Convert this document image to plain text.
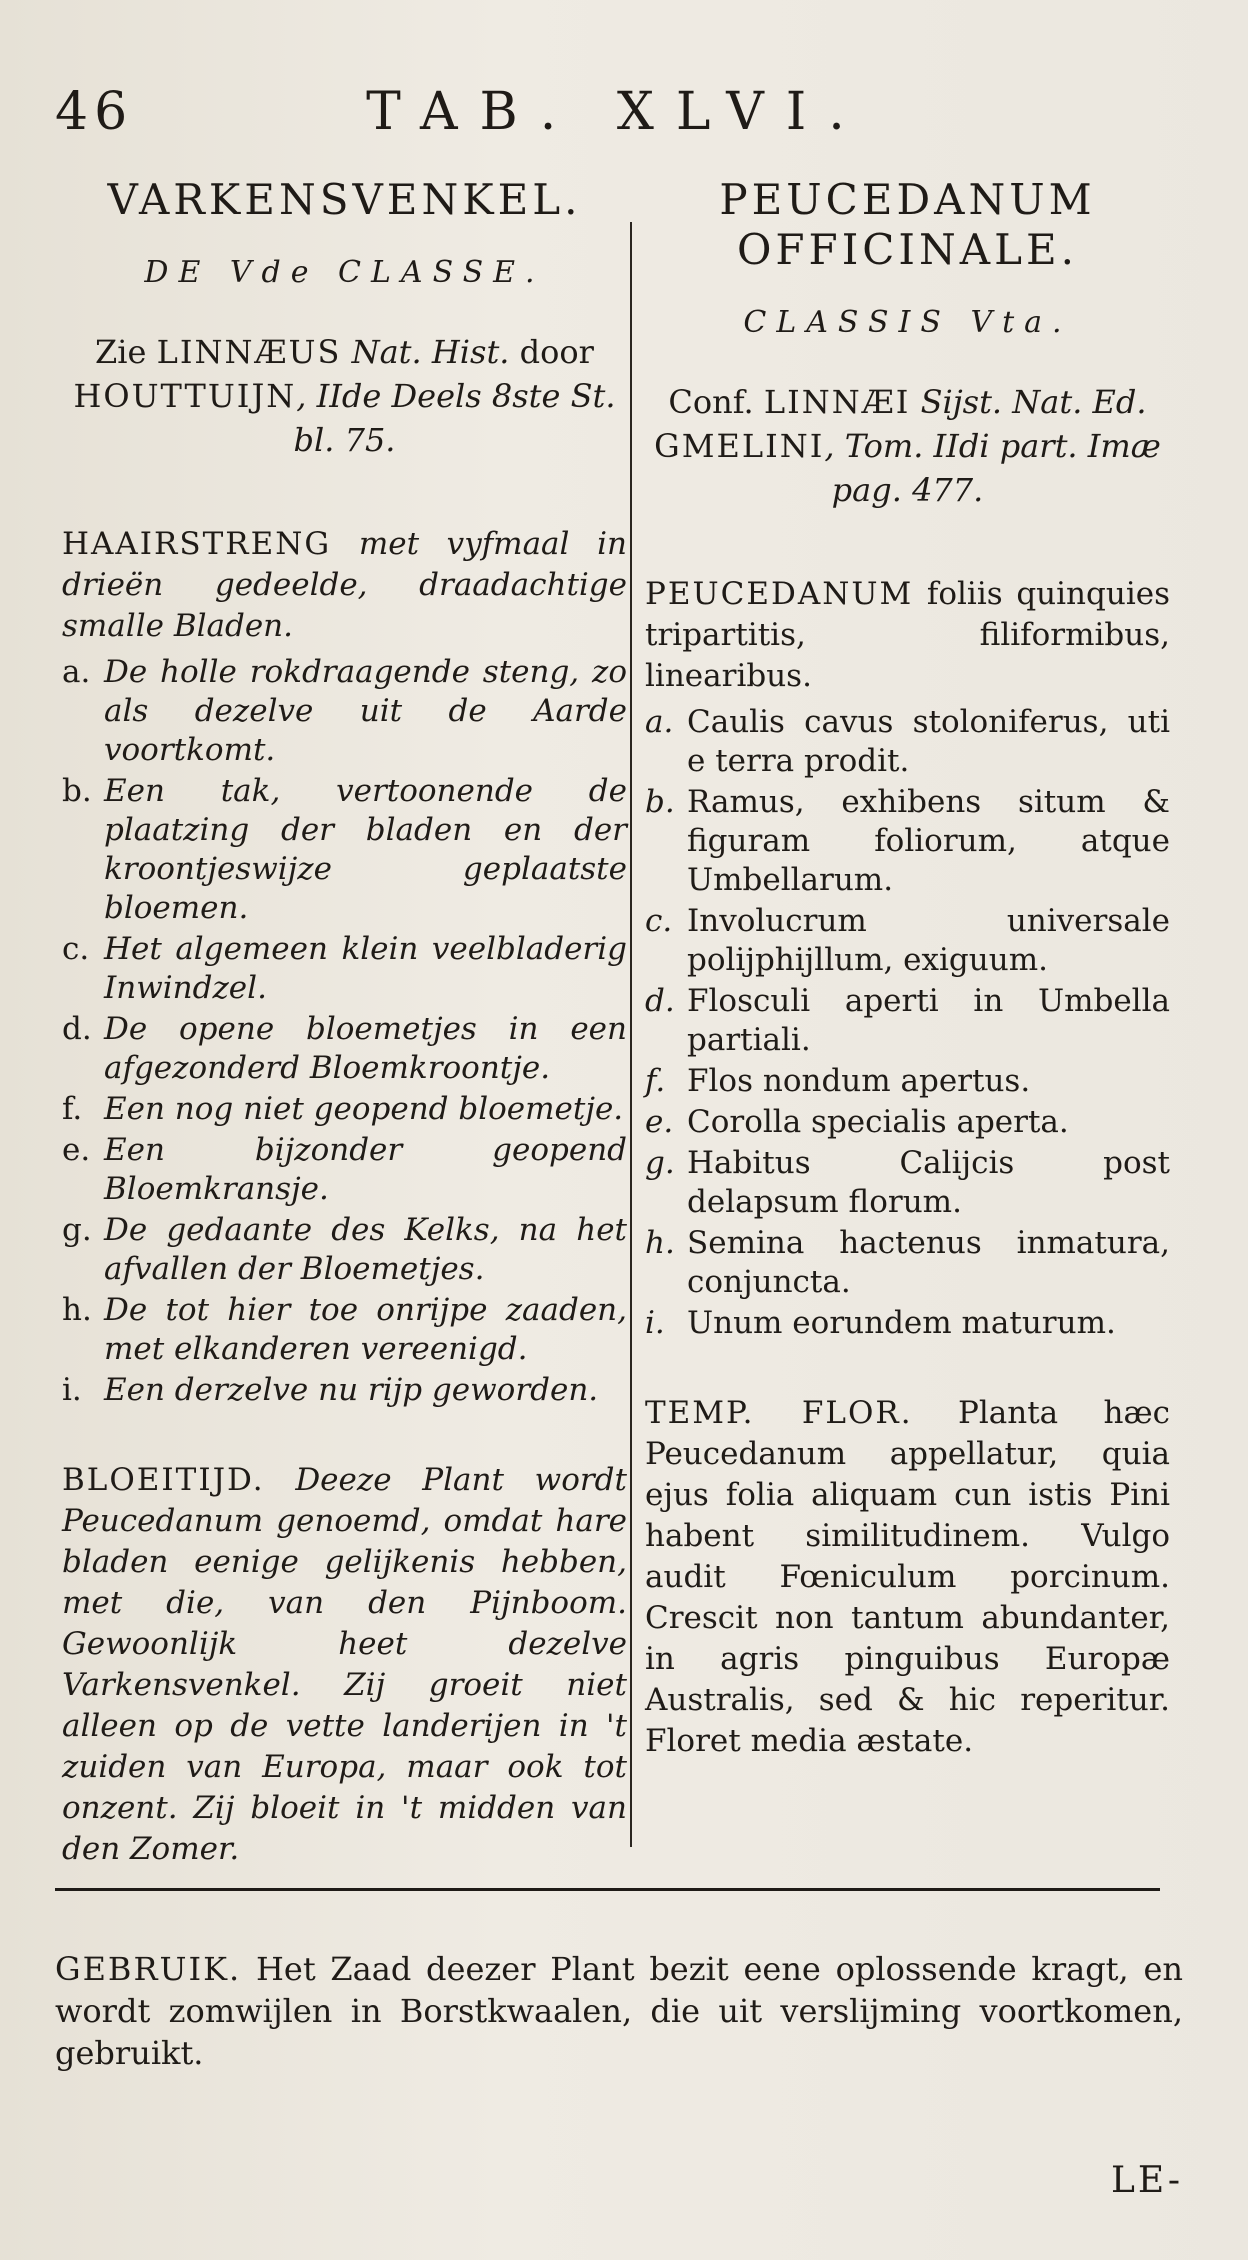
46	TAB. XLVI.
VARKENSVENKEL.
DE Vde CLASSE.
Zie LINNÆUS Nat. Hist. door HOUTTUIJN, IIde Deels 8ste St. bl. 75.
HAAIRSTRENG met vyfmaal in drieën gedeelde, draadachtige smalle Bladen.
a. De holle rokdraagende steng, zo als dezelve uit de Aarde voortkomt.
b. Een tak, vertoonende de plaatzing der bladen en der kroontjeswijze geplaatste bloemen.
c. Het algemeen klein veelbladerig Inwindzel.
d. De opene bloemetjes in een afgezonderd Bloemkroontje.
f. Een nog niet geopend bloemetje.
e. Een bijzonder geopend Bloemkransje.
g. De gedaante des Kelks, na het afvallen der Bloemetjes.
h. De tot hier toe onrijpe zaaden, met elkanderen vereenigd.
i. Een derzelve nu rijp geworden.
BLOEITIJD. Deeze Plant wordt Peucedanum genoemd, omdat hare bladen eenige gelijkenis hebben, met die, van den Pijnboom. Gewoonlijk heet dezelve Varkensvenkel. Zij groeit niet alleen op de vette landerijen in 't zuiden van Europa, maar ook tot onzent. Zij bloeit in 't midden van den Zomer.
PEUCEDANUM
OFFICINALE.
CLASSIS Vta.
Conf. LINNÆI Sijst. Nat. Ed. GMELINI, Tom. IIdi part. Imæ pag. 477.
PEUCEDANUM foliis quinquies tripartitis, filiformibus, linearibus.
a. Caulis cavus stoloniferus, uti e terra prodit.
b. Ramus, exhibens situm & figuram foliorum, atque Umbellarum.
c. Involucrum universale polijphijllum, exiguum.
d. Flosculi aperti in Umbella partiali.
f. Flos nondum apertus.
e. Corolla specialis aperta.
g. Habitus Calijcis post delapsum florum.
h. Semina hactenus inmatura, conjuncta.
i. Unum eorundem maturum.
TEMP. FLOR. Planta hæc Peucedanum appellatur, quia ejus folia aliquam cun istis Pini habent similitudinem. Vulgo audit Fœniculum porcinum. Crescit non tantum abundanter, in agris pinguibus Europæ Australis, sed & hic reperitur. Floret media æstate.
GEBRUIK. Het Zaad deezer Plant bezit eene oplossende kragt, en wordt zomwijlen in Borstkwaalen, die uit verslijming voortkomen, gebruikt.
LE-
